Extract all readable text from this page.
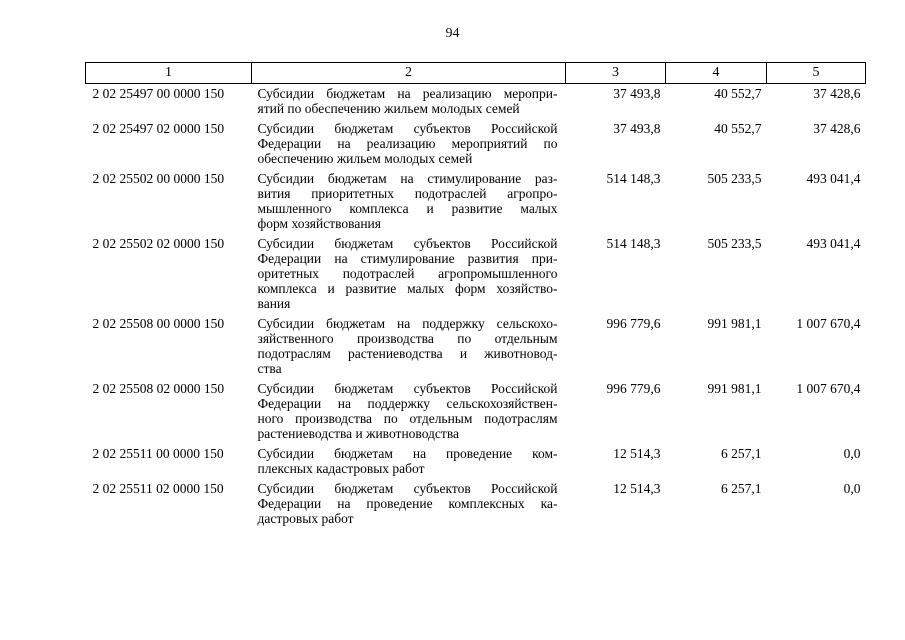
94
1	2	3	4	5
2 02 25497 00 0000 150	Субсидии бюджетам на реализацию меропри-
ятий по обеспечению жильем молодых семей	37 493,8	40 552,7	37 428,6
2 02 25497 02 0000 150	Субсидии бюджетам субъектов Российской
Федерации на реализацию мероприятий по
обеспечению жильем молодых семей	37 493,8	40 552,7	37 428,6
2 02 25502 00 0000 150	Субсидии бюджетам на стимулирование раз-
вития приоритетных подотраслей агропро-
мышленного комплекса и развитие малых
форм хозяйствования	514 148,3	505 233,5	493 041,4
2 02 25502 02 0000 150	Субсидии бюджетам субъектов Российской
Федерации на стимулирование развития при-
оритетных подотраслей агропромышленного
комплекса и развитие малых форм хозяйство-
вания	514 148,3	505 233,5	493 041,4
2 02 25508 00 0000 150	Субсидии бюджетам на поддержку сельскохо-
зяйственного производства по отдельным
подотраслям растениеводства и животновод-
ства	996 779,6	991 981,1	1 007 670,4
2 02 25508 02 0000 150	Субсидии бюджетам субъектов Российской
Федерации на поддержку сельскохозяйствен-
ного производства по отдельным подотраслям
растениеводства и животноводства	996 779,6	991 981,1	1 007 670,4
2 02 25511 00 0000 150	Субсидии бюджетам на проведение ком-
плексных кадастровых работ	12 514,3	6 257,1	0,0
2 02 25511 02 0000 150	Субсидии бюджетам субъектов Российской
Федерации на проведение комплексных ка-
дастровых работ	12 514,3	6 257,1	0,0
